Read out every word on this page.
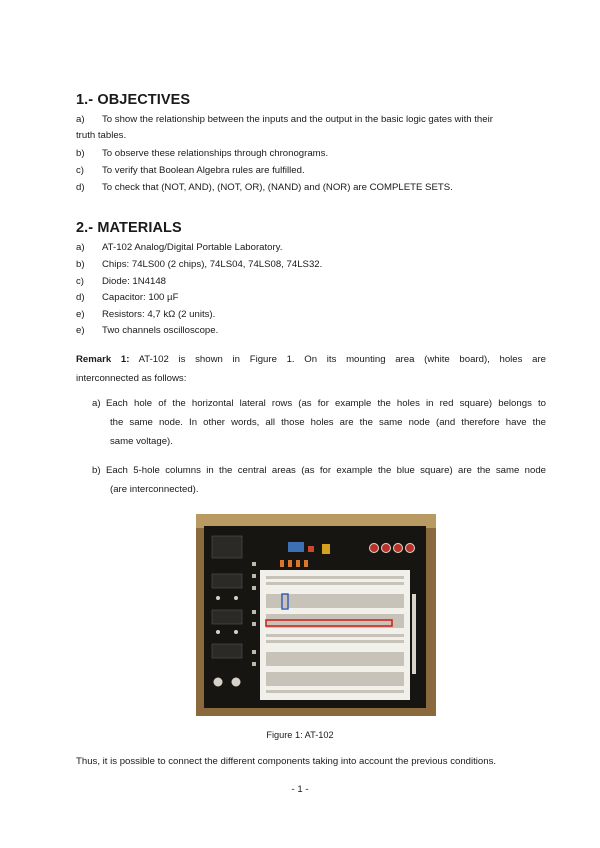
1.- OBJECTIVES
a)	To show the relationship between the inputs and the output in the basic logic gates with their
truth tables.
b)	To observe these relationships through chronograms.
c)	To verify that Boolean Algebra rules are fulfilled.
d)	To check that (NOT, AND), (NOT, OR), (NAND) and (NOR) are COMPLETE SETS.
2.- MATERIALS
a)	AT-102 Analog/Digital Portable Laboratory.
b)	Chips: 74LS00 (2 chips), 74LS04, 74LS08, 74LS32.
c)	Diode: 1N4148
d)	Capacitor: 100 µF
e)	Resistors: 4,7 kΩ (2 units).
e)	Two channels oscilloscope.
Remark 1: AT-102 is shown in Figure 1. On its mounting area (white board), holes are
interconnected as follows:
a) Each hole of the horizontal lateral rows (as for example the holes in red square) belongs to
the same node. In other words, all those holes are the same node (and therefore have the
same voltage).
b) Each 5-hole columns in the central areas (as for example the blue square) are the same node
(are interconnected).
Figure 1: AT-102
Thus, it is possible to connect the different components taking into account the previous conditions.
- 1 -
